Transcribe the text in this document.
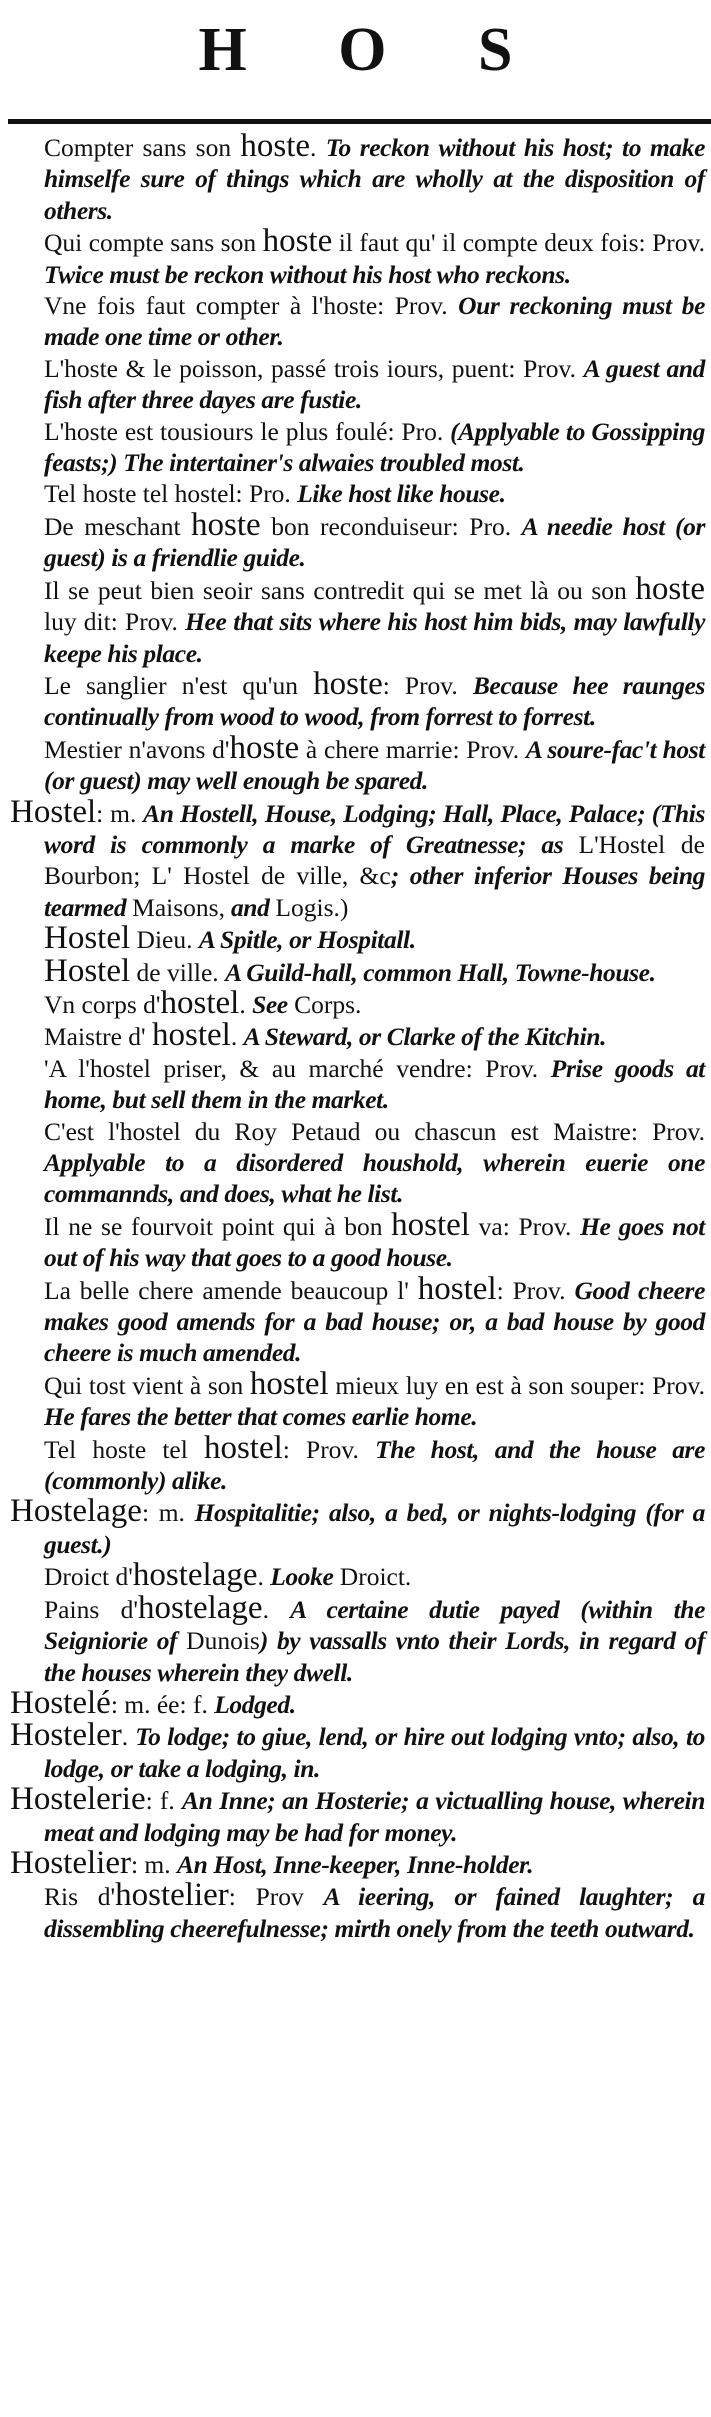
H O S

Compter sans son hoste. To reckon without his host; to make himselfe sure of things which are wholly at the disposition of others.

Qui compte sans son hoste il faut qu' il compte deux fois: Prov. Twice must be reckon without his host who reckons.

Vne fois faut compter à l'hoste: Prov. Our reckoning must be made one time or other.

L'hoste & le poisson, passé trois iours, puent: Prov. A guest and fish after three dayes are fustie.

L'hoste est tousiours le plus foulé: Pro. (Applyable to Gossipping feasts;) The intertainer's alwaies troubled most.

Tel hoste tel hostel: Pro. Like host like house.

De meschant hoste bon reconduiseur: Pro. A needie host (or guest) is a friendlie guide.

Il se peut bien seoir sans contredit qui se met là ou son hoste luy dit: Prov. Hee that sits where his host him bids, may lawfully keepe his place.

Le sanglier n'est qu'un hoste: Prov. Because hee raunges continually from wood to wood, from forrest to forrest.

Mestier n'avons d'hoste à chere marrie: Prov. A soure-fac't host (or guest) may well enough be spared.

Hostel: m. An Hostell, House, Lodging; Hall, Place, Palace; (This word is commonly a marke of Greatnesse; as L'Hostel de Bourbon; L' Hostel de ville, &c; other inferior Houses being tearmed Maisons, and Logis.)

Hostel Dieu. A Spitle, or Hospitall.

Hostel de ville. A Guild-hall, common Hall, Towne-house.

Vn corps d'hostel. See Corps.

Maistre d' hostel. A Steward, or Clarke of the Kitchin.

'A l'hostel priser, & au marché vendre: Prov. Prise goods at home, but sell them in the market.

C'est l'hostel du Roy Petaud ou chascun est Maistre: Prov. Applyable to a disordered houshold, wherein euerie one commannds, and does, what he list.

Il ne se fourvoit point qui à bon hostel va: Prov. He goes not out of his way that goes to a good house.

La belle chere amende beaucoup l' hostel: Prov. Good cheere makes good amends for a bad house; or, a bad house by good cheere is much amended.

Qui tost vient à son hostel mieux luy en est à son souper: Prov. He fares the better that comes earlie home.

Tel hoste tel hostel: Prov. The host, and the house are (commonly) alike.

Hostelage: m. Hospitalitie; also, a bed, or nights-lodging (for a guest.)

Droict d'hostelage. Looke Droict.

Pains d'hostelage. A certaine dutie payed (within the Seigniorie of Dunois) by vassalls vnto their Lords, in regard of the houses wherein they dwell.

Hostelé: m. ée: f. Lodged.

Hosteler. To lodge; to giue, lend, or hire out lodging vnto; also, to lodge, or take a lodging, in.

Hostelerie: f. An Inne; an Hosterie; a victualling house, wherein meat and lodging may be had for money.

Hostelier: m. An Host, Inne-keeper, Inne-holder.

Ris d'hostelier: Prov A ieering, or fained laughter; a dissembling cheerefulnesse; mirth onely from the teeth outward.
